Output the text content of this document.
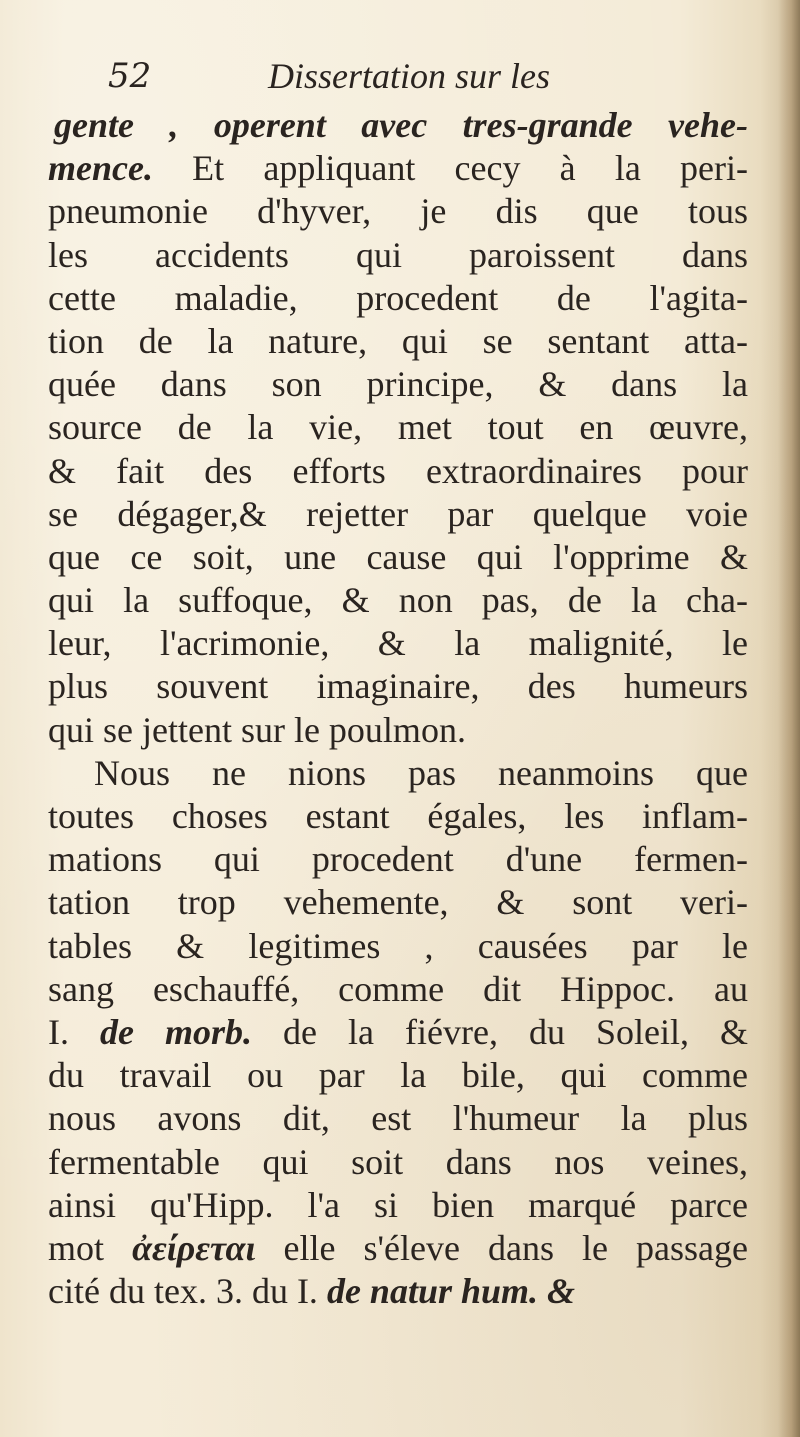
52	Dissertation sur les
gente , operent avec tres-grande vehe-
mence. Et appliquant cecy à la peri-
pneumonie d'hyver, je dis que tous
les accidents qui paroissent dans
cette maladie, procedent de l'agita-
tion de la nature, qui se sentant atta-
quée dans son principe, & dans la
source de la vie, met tout en œuvre,
& fait des efforts extraordinaires pour
se dégager,& rejetter par quelque voie
que ce soit, une cause qui l'opprime &
qui la suffoque, & non pas, de la cha-
leur, l'acrimonie, & la malignité, le
plus souvent imaginaire, des humeurs
qui se jettent sur le poulmon.
Nous ne nions pas neanmoins que
toutes choses estant égales, les inflam-
mations qui procedent d'une fermen-
tation trop vehemente, & sont veri-
tables & legitimes , causées par le
sang eschauffé, comme dit Hippoc. au
I. de morb. de la fiévre, du Soleil, &
du travail ou par la bile, qui comme
nous avons dit, est l'humeur la plus
fermentable qui soit dans nos veines,
ainsi qu'Hipp. l'a si bien marqué parce
mot ἀείρεται elle s'éleve dans le passage
cité du tex. 3. du I. de natur hum. &
